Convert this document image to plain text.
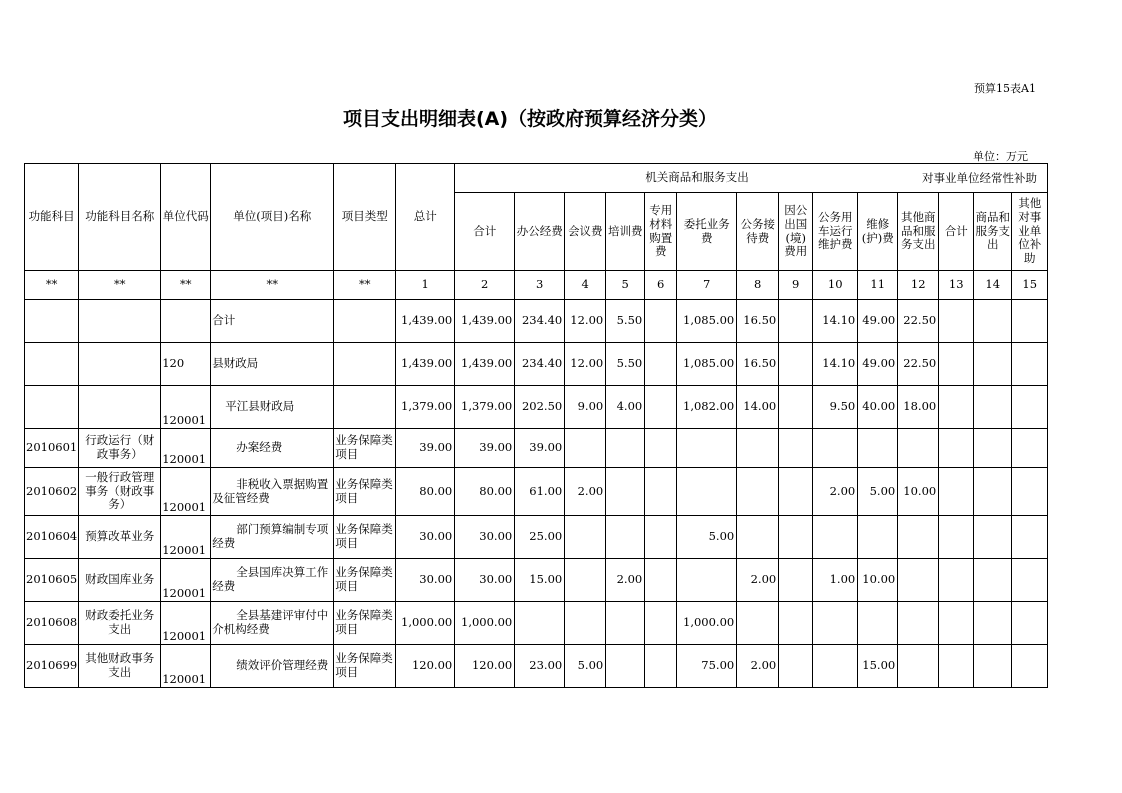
预算15表A1
项目支出明细表(A)（按政府预算经济分类）
单位：万元
对事业单位经常性补助
功能科目	功能科目名称	单位代码	单位(项目)名称	项目类型	总计	机关商品和服务支出													
						合计	办公经费	会议费	培训费	专用材料购置费	委托业务费	公务接待费	因公出国(境)费用	公务用车运行维护费	维修(护)费	其他商品和服务支出	合计	商品和服务支出	其他对事业单位补助
**	**	**	**	**	1	2	3	4	5	6	7	8	9	10	11	12	13	14	15
			合计		1,439.00	1,439.00	234.40	12.00	5.50		1,085.00	16.50		14.10	49.00	22.50			
		120	县财政局		1,439.00	1,439.00	234.40	12.00	5.50		1,085.00	16.50		14.10	49.00	22.50			
		120001	平江县财政局		1,379.00	1,379.00	202.50	9.00	4.00		1,082.00	14.00		9.50	40.00	18.00			
2010601	行政运行（财政事务）	120001	办案经费	业务保障类项目	39.00	39.00	39.00												
2010602	一般行政管理事务（财政事务）	120001	非税收入票据购置及征管经费	业务保障类项目	80.00	80.00	61.00	2.00						2.00	5.00	10.00			
2010604	预算改革业务	120001	部门预算编制专项经费	业务保障类项目	30.00	30.00	25.00				5.00								
2010605	财政国库业务	120001	全县国库决算工作经费	业务保障类项目	30.00	30.00	15.00		2.00			2.00		1.00	10.00				
2010608	财政委托业务支出	120001	全县基建评审付中介机构经费	业务保障类项目	1,000.00	1,000.00					1,000.00								
2010699	其他财政事务支出	120001	绩效评价管理经费	业务保障类项目	120.00	120.00	23.00	5.00			75.00	2.00			15.00				
